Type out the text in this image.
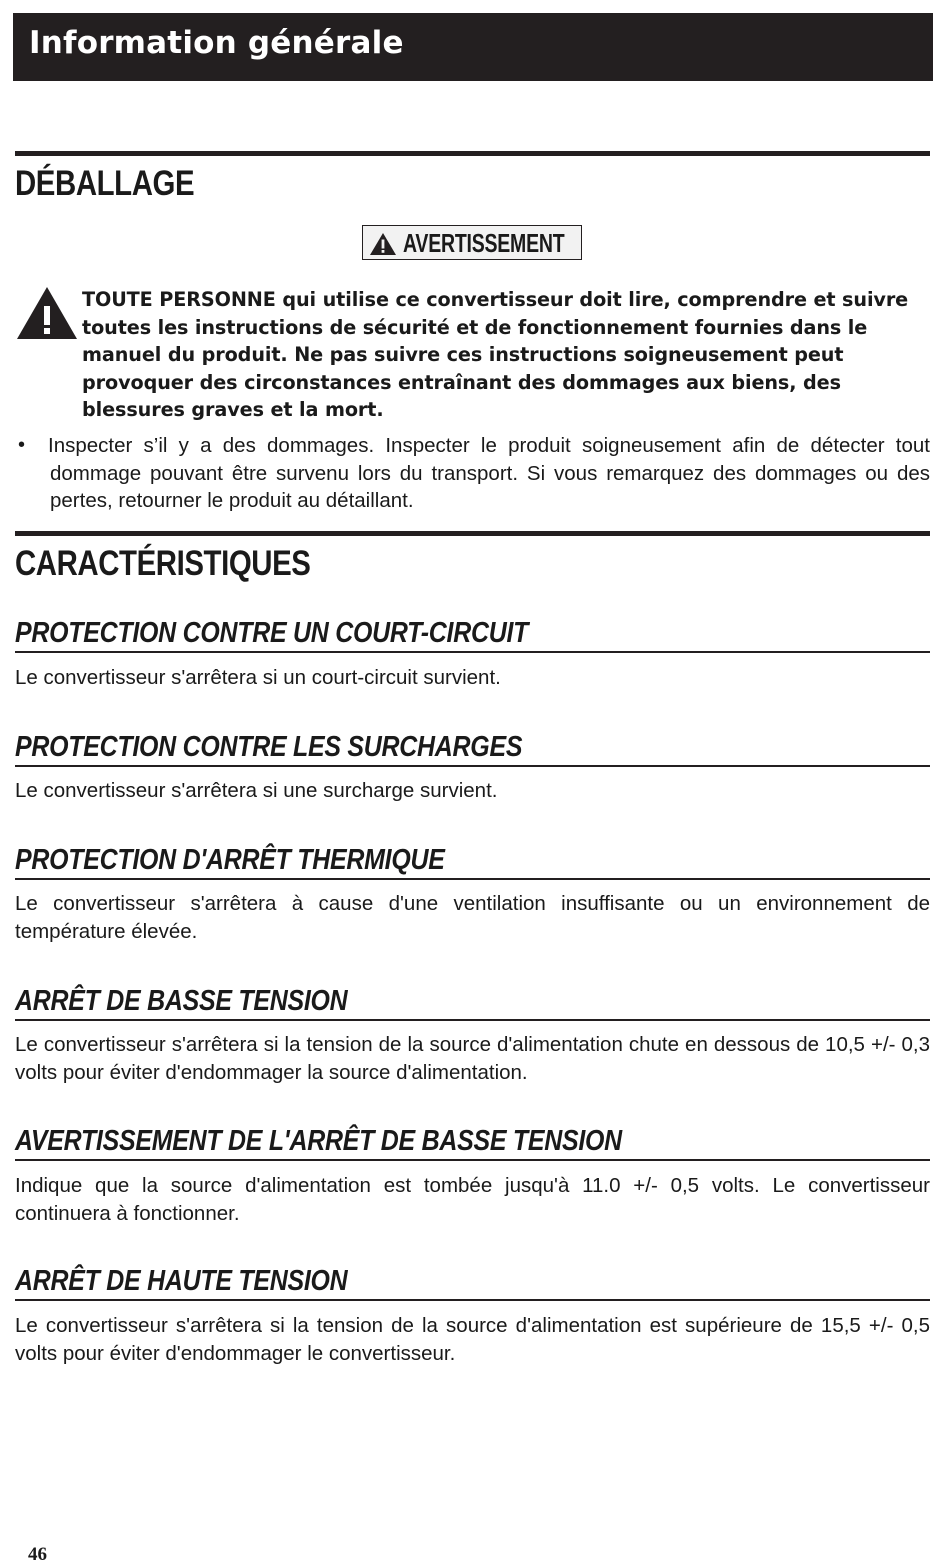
Information générale
DÉBALLAGE
AVERTISSEMENT
TOUTE PERSONNE qui utilise ce convertisseur doit lire, comprendre et suivre toutes les instructions de sécurité et de fonctionnement fournies dans le manuel du produit. Ne pas suivre ces instructions soigneusement peut provoquer des circonstances entraînant des dommages aux biens, des blessures graves et la mort.
• Inspecter s’il y a des dommages. Inspecter le produit soigneusement afin de détecter tout dommage pouvant être survenu lors du transport. Si vous remarquez des dommages ou des pertes, retourner le produit au détaillant.
CARACTÉRISTIQUES
PROTECTION CONTRE UN COURT-CIRCUIT
Le convertisseur s'arrêtera si un court-circuit survient.
PROTECTION CONTRE LES SURCHARGES
Le convertisseur s'arrêtera si une surcharge survient.
PROTECTION D'ARRÊT THERMIQUE
Le convertisseur s'arrêtera à cause d'une ventilation insuffisante ou un environnement de température élevée.
ARRÊT DE BASSE TENSION
Le convertisseur s'arrêtera si la tension de la source d'alimentation chute en dessous de 10,5 +/- 0,3 volts pour éviter d'endommager la source d'alimentation.
AVERTISSEMENT DE L'ARRÊT DE BASSE TENSION
Indique que la source d'alimentation est tombée jusqu'à 11.0 +/- 0,5 volts. Le convertisseur continuera à fonctionner.
ARRÊT DE HAUTE TENSION
Le convertisseur s'arrêtera si la tension de la source d'alimentation est supérieure de 15,5 +/- 0,5 volts pour éviter d'endommager le convertisseur.
46
